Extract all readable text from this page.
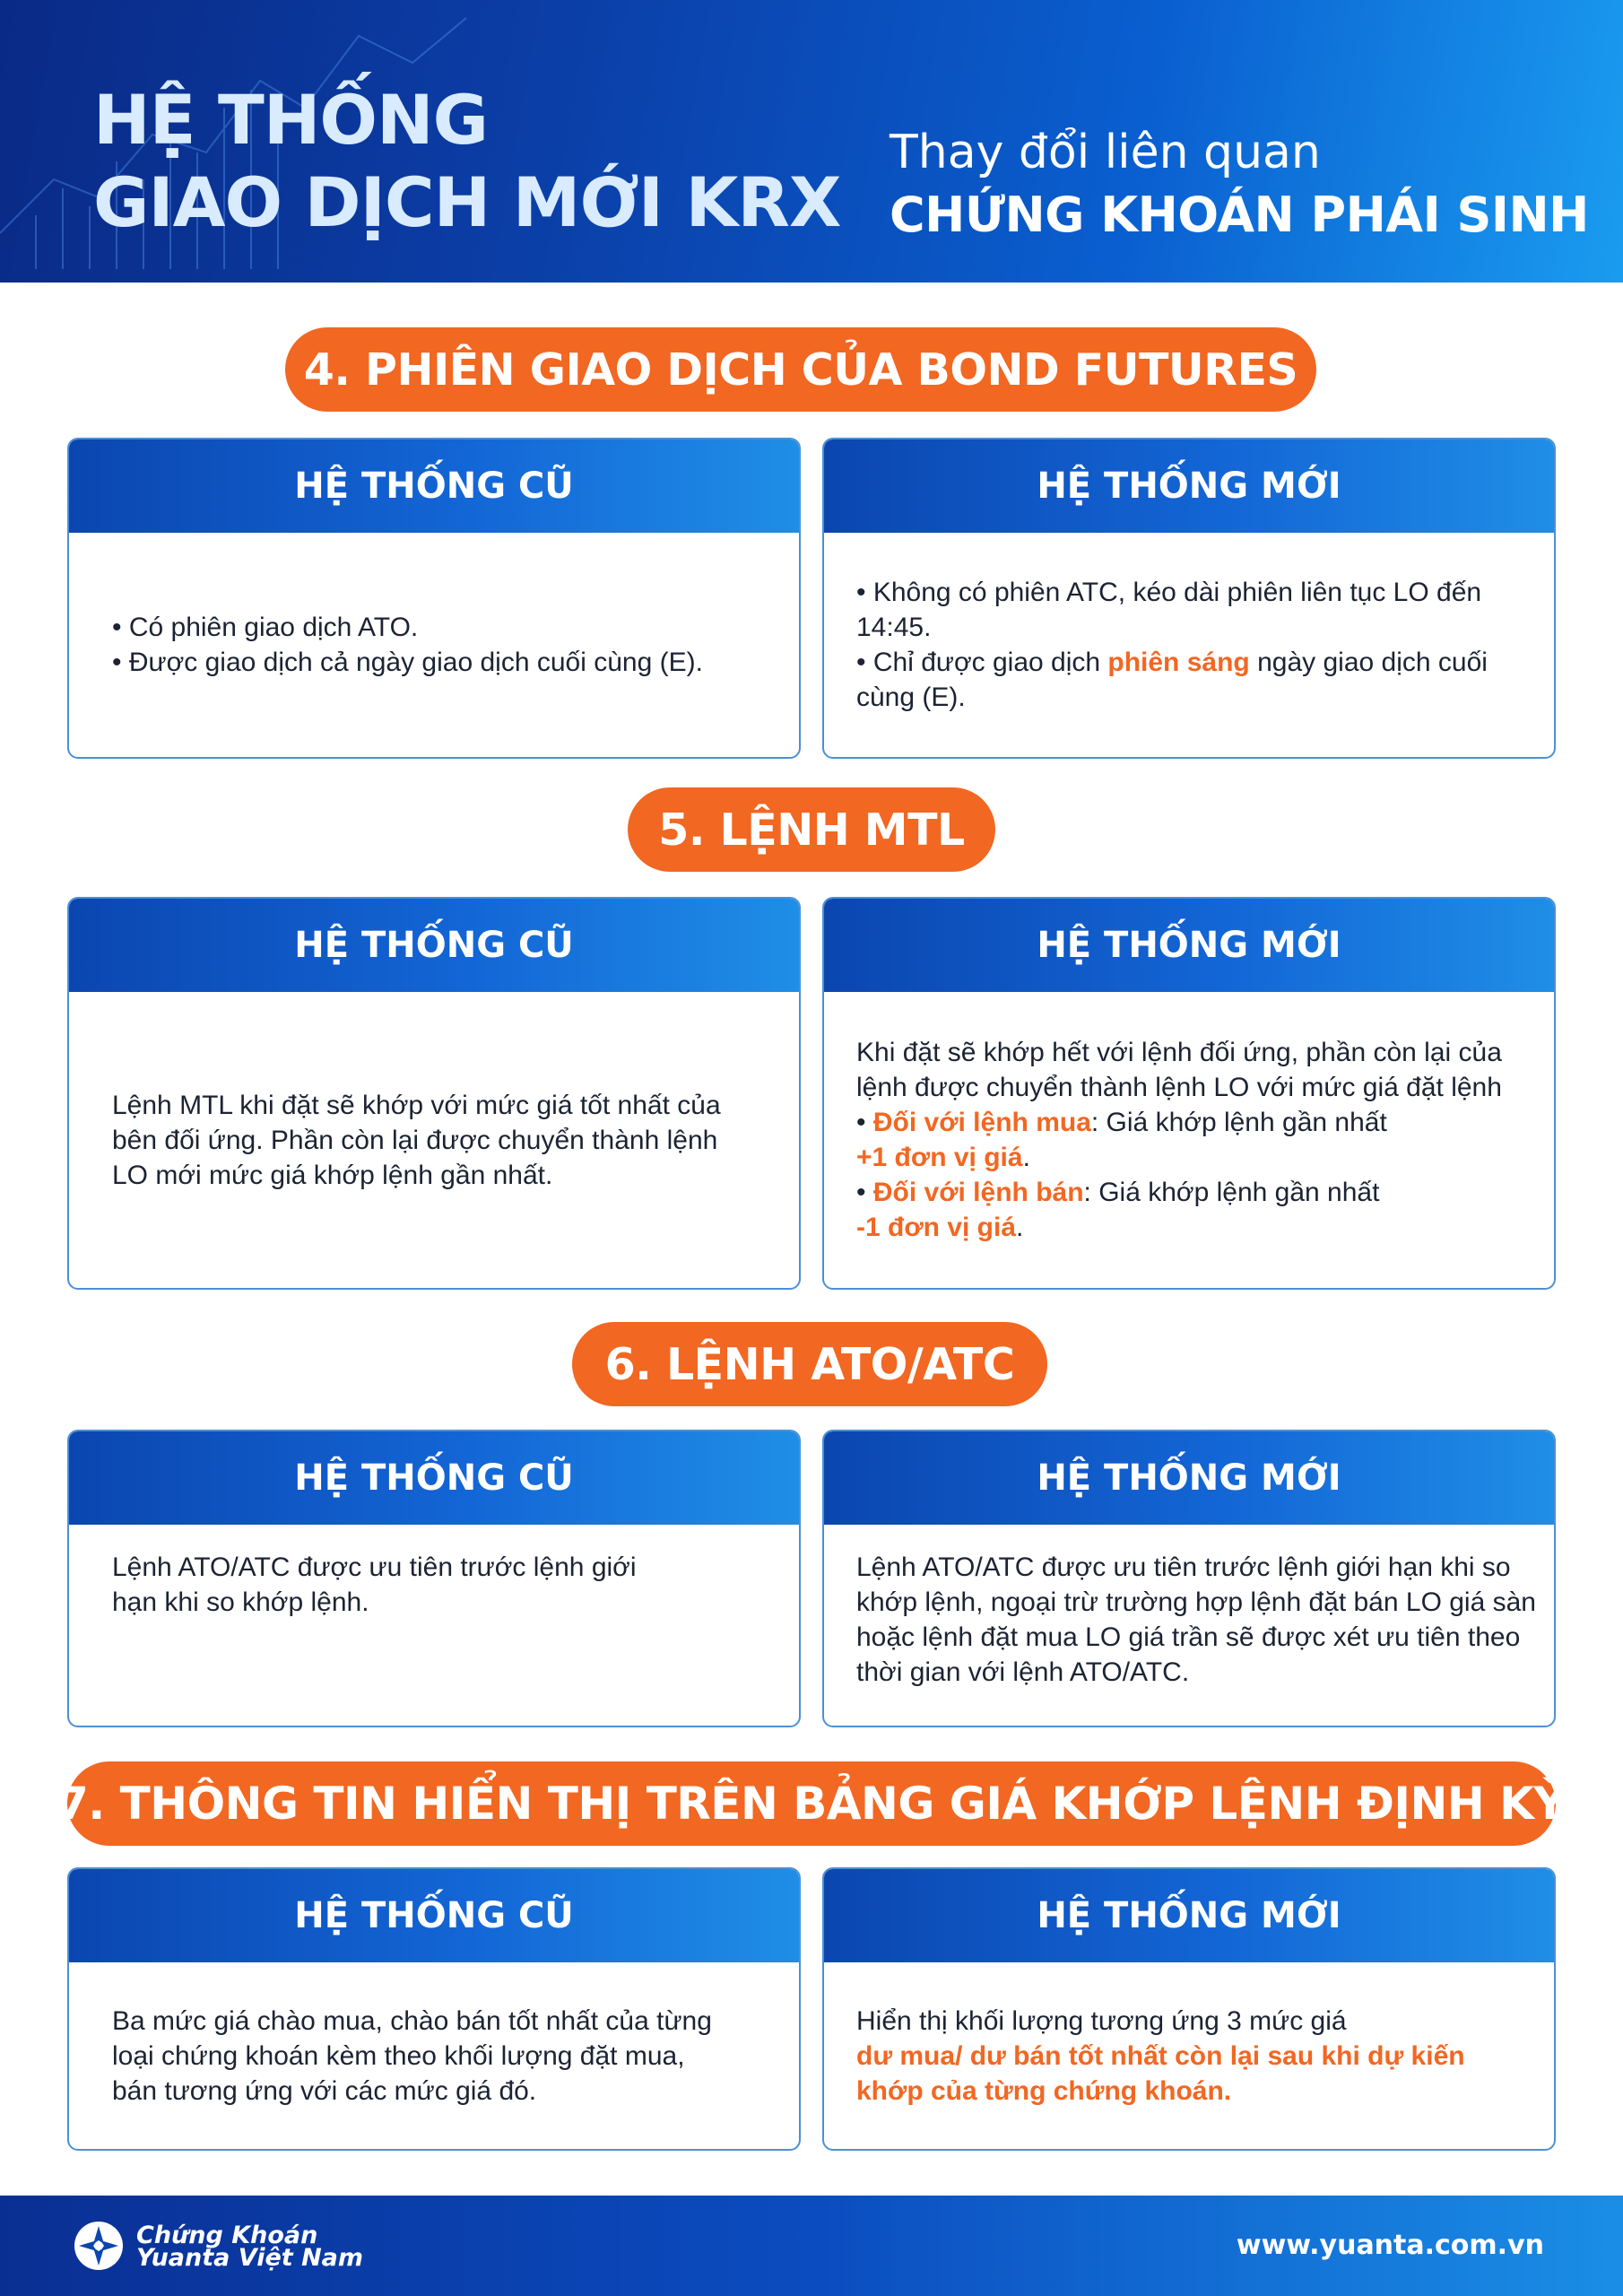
HỆ THỐNG
GIAO DỊCH MỚI KRX
Thay đổi liên quan
CHỨNG KHOÁN PHÁI SINH
4. PHIÊN GIAO DỊCH CỦA BOND FUTURES
HỆ THỐNG CŨ

• Có phiên giao dịch ATO.

• Được giao dịch cả ngày giao dịch cuối cùng (E).

HỆ THỐNG MỚI

• Không có phiên ATC, kéo dài phiên liên tục LO đến 14:45.

• Chỉ được giao dịch phiên sáng ngày giao dịch cuối cùng (E).

5. LỆNH MTL
HỆ THỐNG CŨ

Lệnh MTL khi đặt sẽ khớp với mức giá tốt nhất của bên đối ứng. Phần còn lại được chuyển thành lệnh LO mới mức giá khớp lệnh gần nhất.

HỆ THỐNG MỚI

Khi đặt sẽ khớp hết với lệnh đối ứng, phần còn lại của lệnh được chuyển thành lệnh LO với mức giá đặt lệnh

• Đối với lệnh mua: Giá khớp lệnh gần nhất

+1 đơn vị giá.

• Đối với lệnh bán: Giá khớp lệnh gần nhất

-1 đơn vị giá.

6. LỆNH ATO/ATC
HỆ THỐNG CŨ

Lệnh ATO/ATC được ưu tiên trước lệnh giới hạn khi so khớp lệnh.

HỆ THỐNG MỚI

Lệnh ATO/ATC được ưu tiên trước lệnh giới hạn khi so khớp lệnh, ngoại trừ trường hợp lệnh đặt bán LO giá sàn hoặc lệnh đặt mua LO giá trần sẽ được xét ưu tiên theo thời gian với lệnh ATO/ATC.

7. THÔNG TIN HIỂN THỊ TRÊN BẢNG GIÁ KHỚP LỆNH ĐỊNH KỲ
HỆ THỐNG CŨ

Ba mức giá chào mua, chào bán tốt nhất của từng loại chứng khoán kèm theo khối lượng đặt mua, bán tương ứng với các mức giá đó.

HỆ THỐNG MỚI

Hiển thị khối lượng tương ứng 3 mức giá

dư mua/ dư bán tốt nhất còn lại sau khi dự kiến khớp của từng chứng khoán.

Chứng Khoán
Yuanta Việt Nam	www.yuanta.com.vn
